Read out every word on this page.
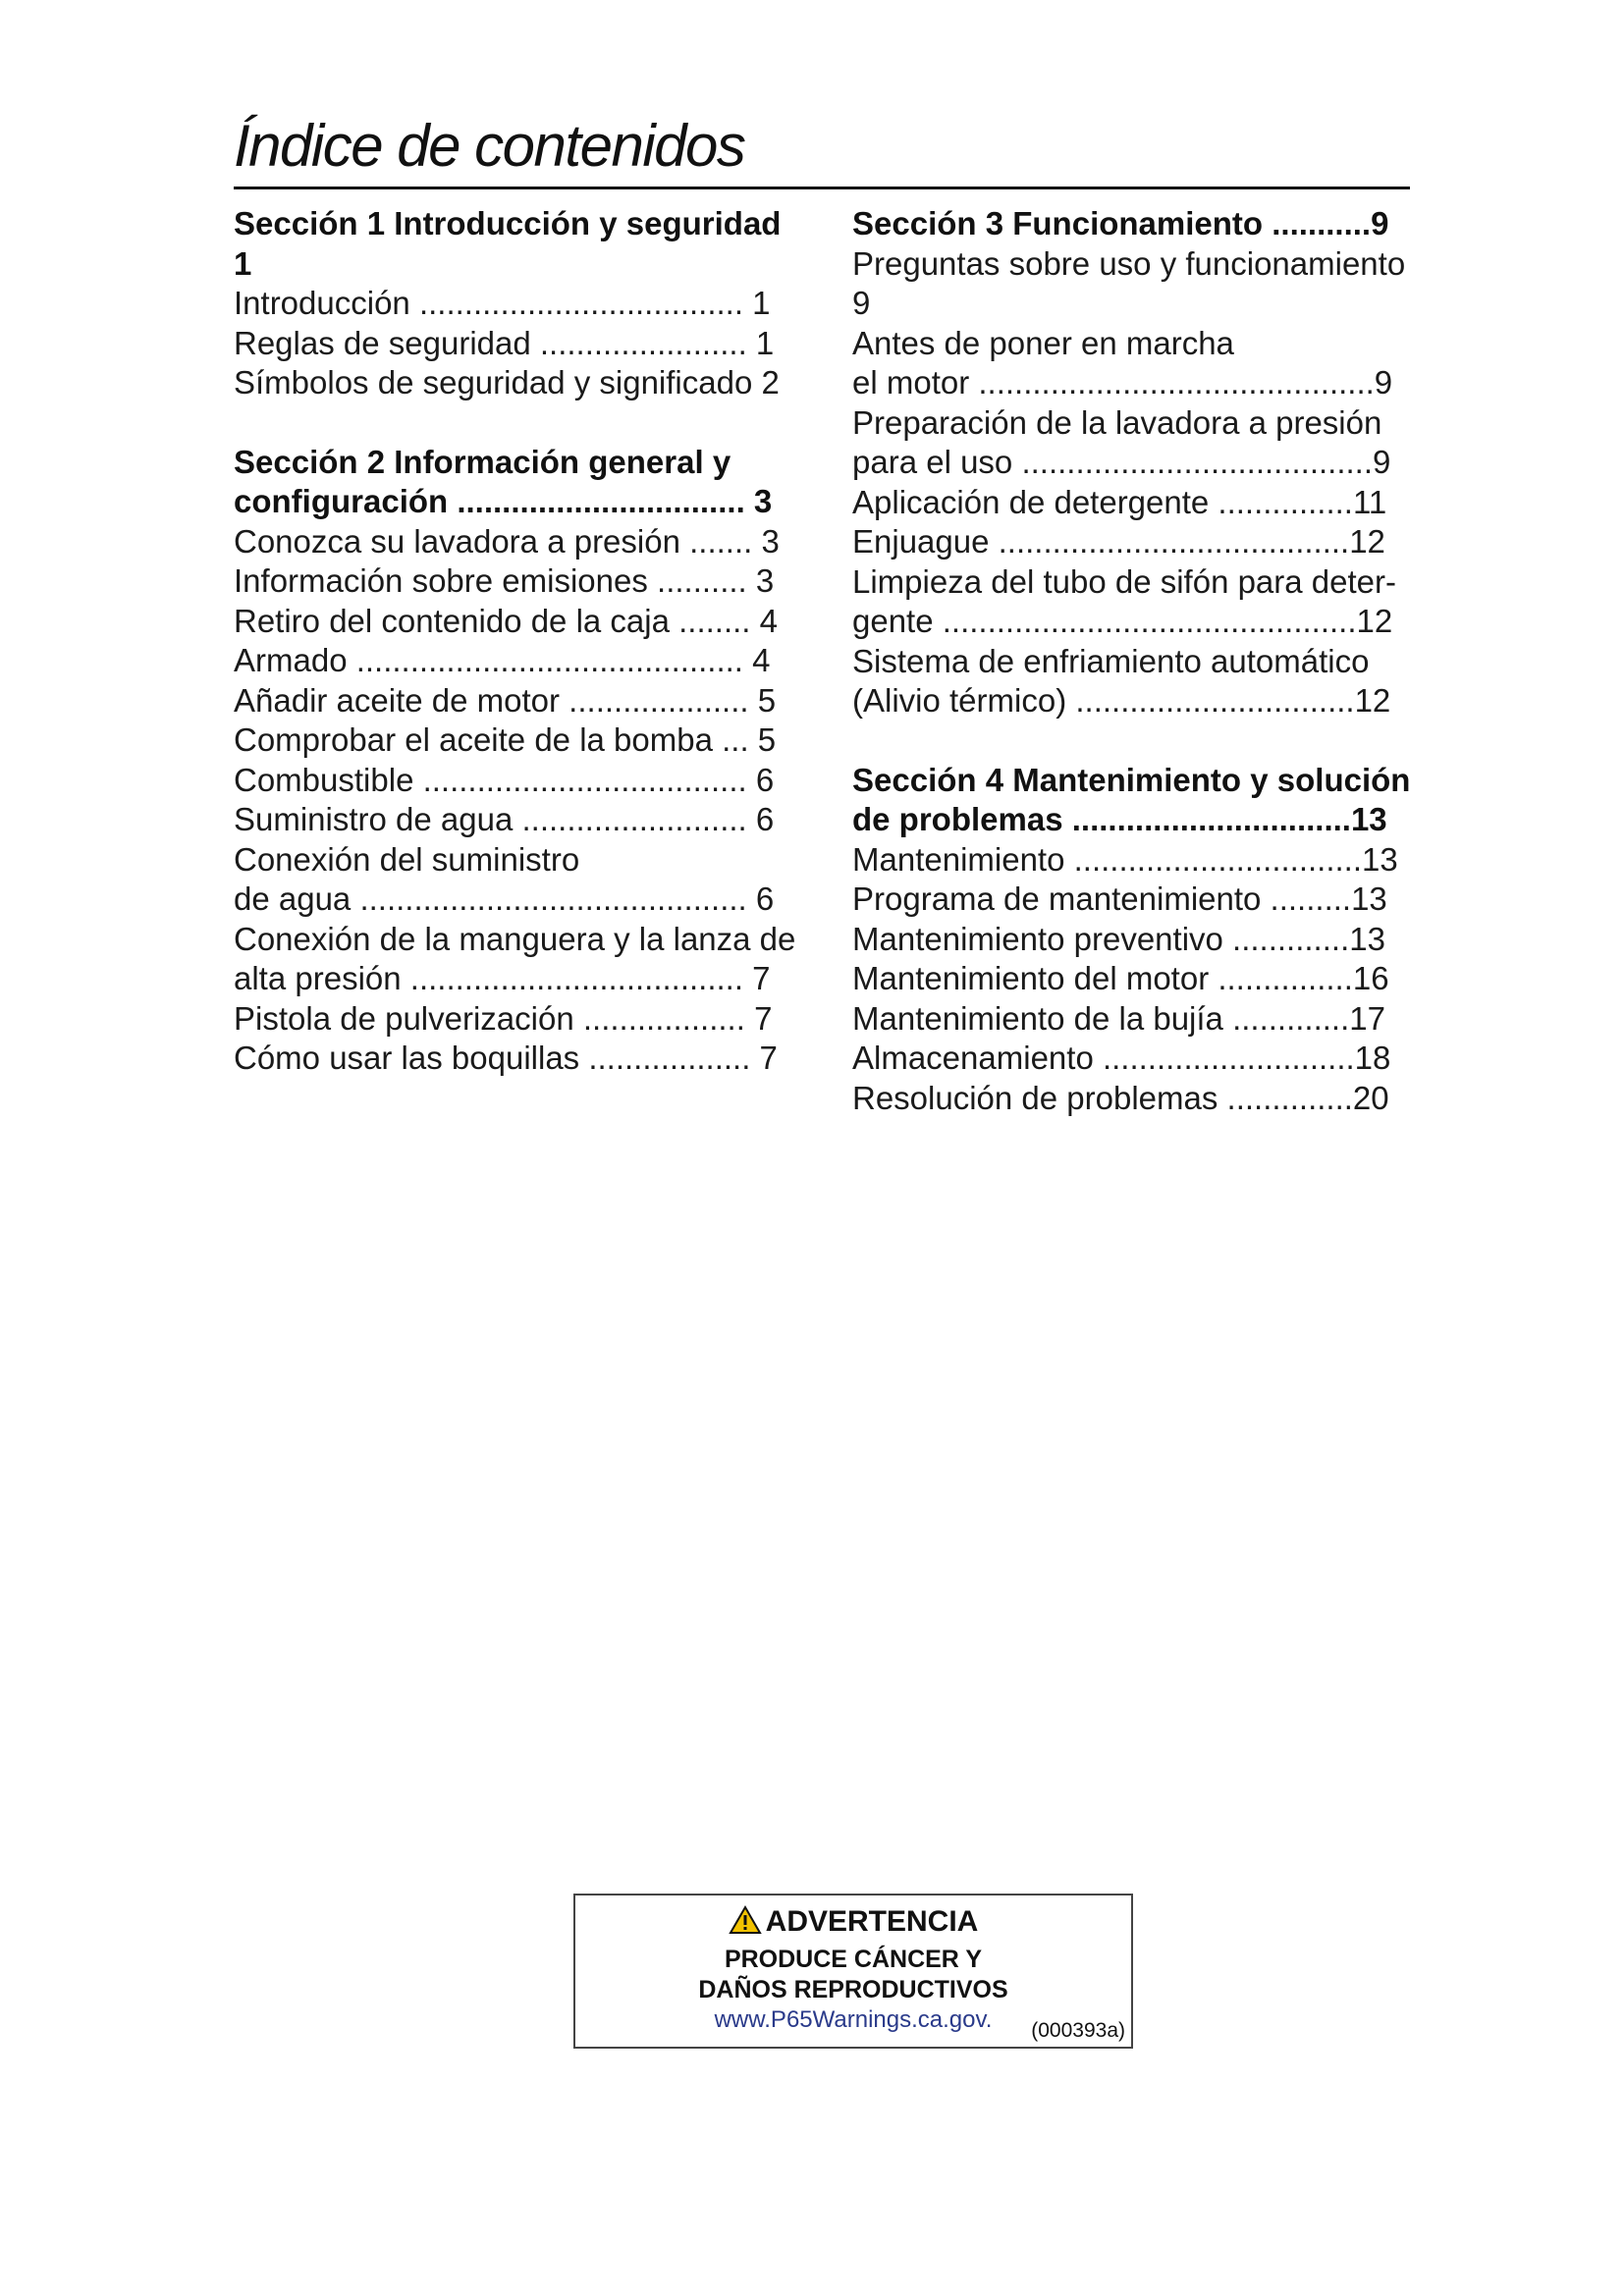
Índice de contenidos
Sección 1 Introducción y seguridad 1
Introducción .................................... 1
Reglas de seguridad ....................... 1
Símbolos de seguridad y significado 2
Sección 2 Información general y configuración ................................ 3
Conozca su lavadora a presión ....... 3
Información sobre emisiones .......... 3
Retiro del contenido de la caja ........ 4
Armado ........................................... 4
Añadir aceite de motor .................... 5
Comprobar el aceite de la bomba ... 5
Combustible .................................... 6
Suministro de agua ......................... 6
Conexión del suministro
de agua ........................................... 6
Conexión de la manguera y la lanza de
alta presión ..................................... 7
Pistola de pulverización .................. 7
Cómo usar las boquillas .................. 7
Sección 3 Funcionamiento ...........9
Preguntas sobre uso y funcionamiento
9
Antes de poner en marcha
el motor ............................................9
Preparación de la lavadora a presión
para el uso .......................................9
Aplicación de detergente ...............11
Enjuague .......................................12
Limpieza del tubo de sifón para deter-
gente ..............................................12
Sistema de enfriamiento automático
(Alivio térmico) ...............................12
Sección 4 Mantenimiento y solución de problemas ...............................13
Mantenimiento ................................13
Programa de mantenimiento .........13
Mantenimiento preventivo .............13
Mantenimiento del motor ...............16
Mantenimiento de la bujía .............17
Almacenamiento ............................18
Resolución de problemas ..............20
ADVERTENCIA
PRODUCE CÁNCER Y
DAÑOS REPRODUCTIVOS
www.P65Warnings.ca.gov.	(000393a)
